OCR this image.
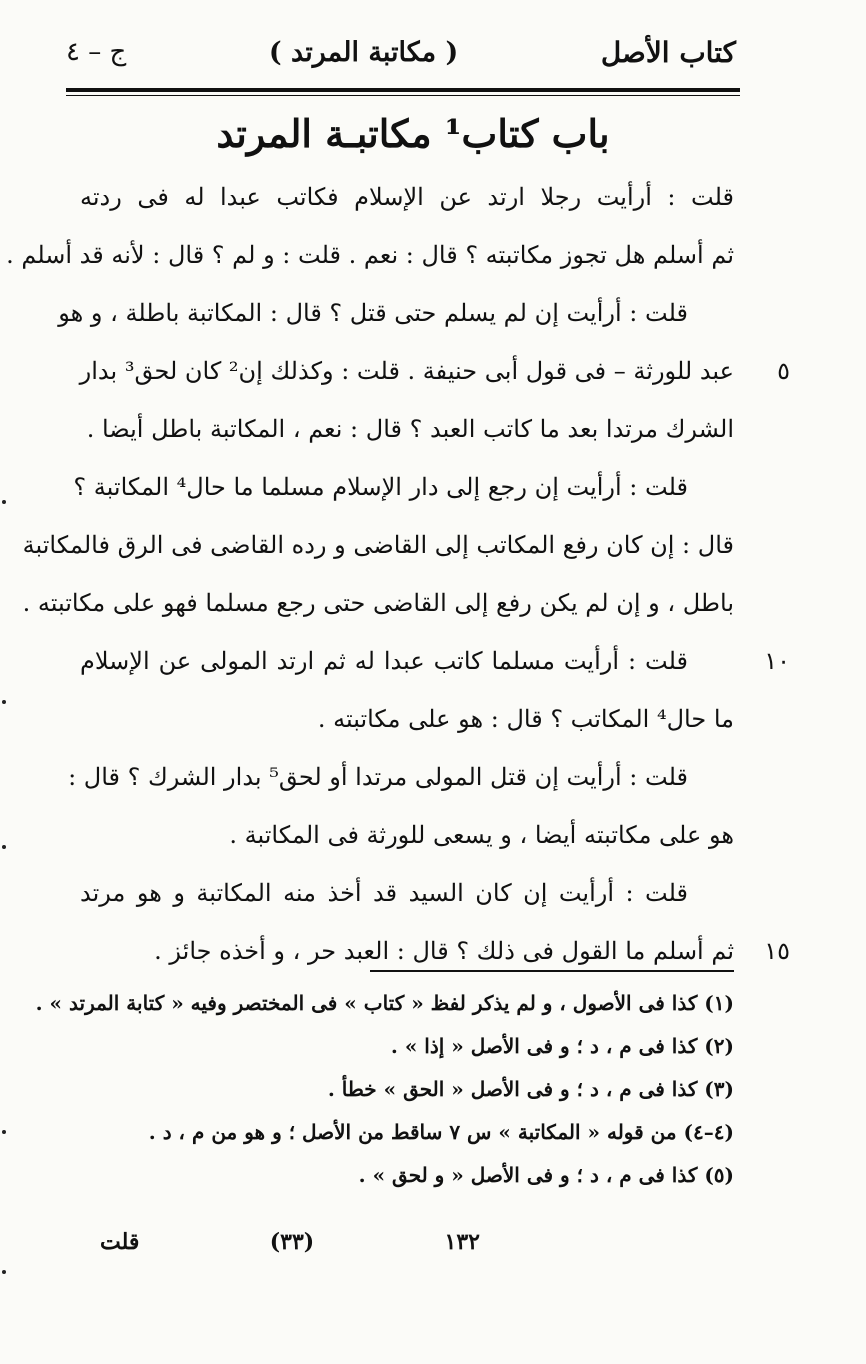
كتاب الأصل
( مكاتبة المرتد )
ج – ٤
باب كتاب¹ مكاتبـة المرتد
قلت : أرأيت رجلا ارتد عن الإسلام فكاتب عبدا له فى ردته
ثم أسلم هل تجوز مكاتبته ؟ قال : نعم . قلت : و لم ؟ قال : لأنه قد أسلم .
قلت : أرأيت إن لم يسلم حتى قتل ؟ قال : المكاتبة باطلة ، و هو
٥
عبد للورثة – فى قول أبى حنيفة . قلت : وكذلك إن² كان لحق³ بدار
الشرك مرتدا بعد ما كاتب العبد ؟ قال : نعم ، المكاتبة باطل أيضا .
قلت : أرأيت إن رجع إلى دار الإسلام مسلما ما حال⁴ المكاتبة ؟
قال : إن كان رفع المكاتب إلى القاضى و رده القاضى فى الرق فالمكاتبة
باطل ، و إن لم يكن رفع إلى القاضى حتى رجع مسلما فهو على مكاتبته .
١٠
قلت : أرأيت مسلما كاتب عبدا له ثم ارتد المولى عن الإسلام
ما حال⁴ المكاتب ؟ قال : هو على مكاتبته .
قلت : أرأيت إن قتل المولى مرتدا أو لحق⁵ بدار الشرك ؟ قال :
هو على مكاتبته أيضا ، و يسعى للورثة فى المكاتبة .
قلت : أرأيت إن كان السيد قد أخذ منه المكاتبة و هو مرتد
١٥
ثم أسلم ما القول فى ذلك ؟ قال : العبد حر ، و أخذه جائز .
(١) كذا فى الأصول ، و لم يذكر لفظ « كتاب » فى المختصر وفيه « كتابة المرتد » .
(٢) كذا فى م ، د ؛ و فى الأصل « إذا » .
(٣) كذا فى م ، د ؛ و فى الأصل « الحق » خطأ .
(٤–٤) من قوله « المكاتبة » س ٧ ساقط من الأصل ؛ و هو من م ، د .
(٥) كذا فى م ، د ؛ و فى الأصل « و لحق » .
١٣٢
(٣٣)
قلت
